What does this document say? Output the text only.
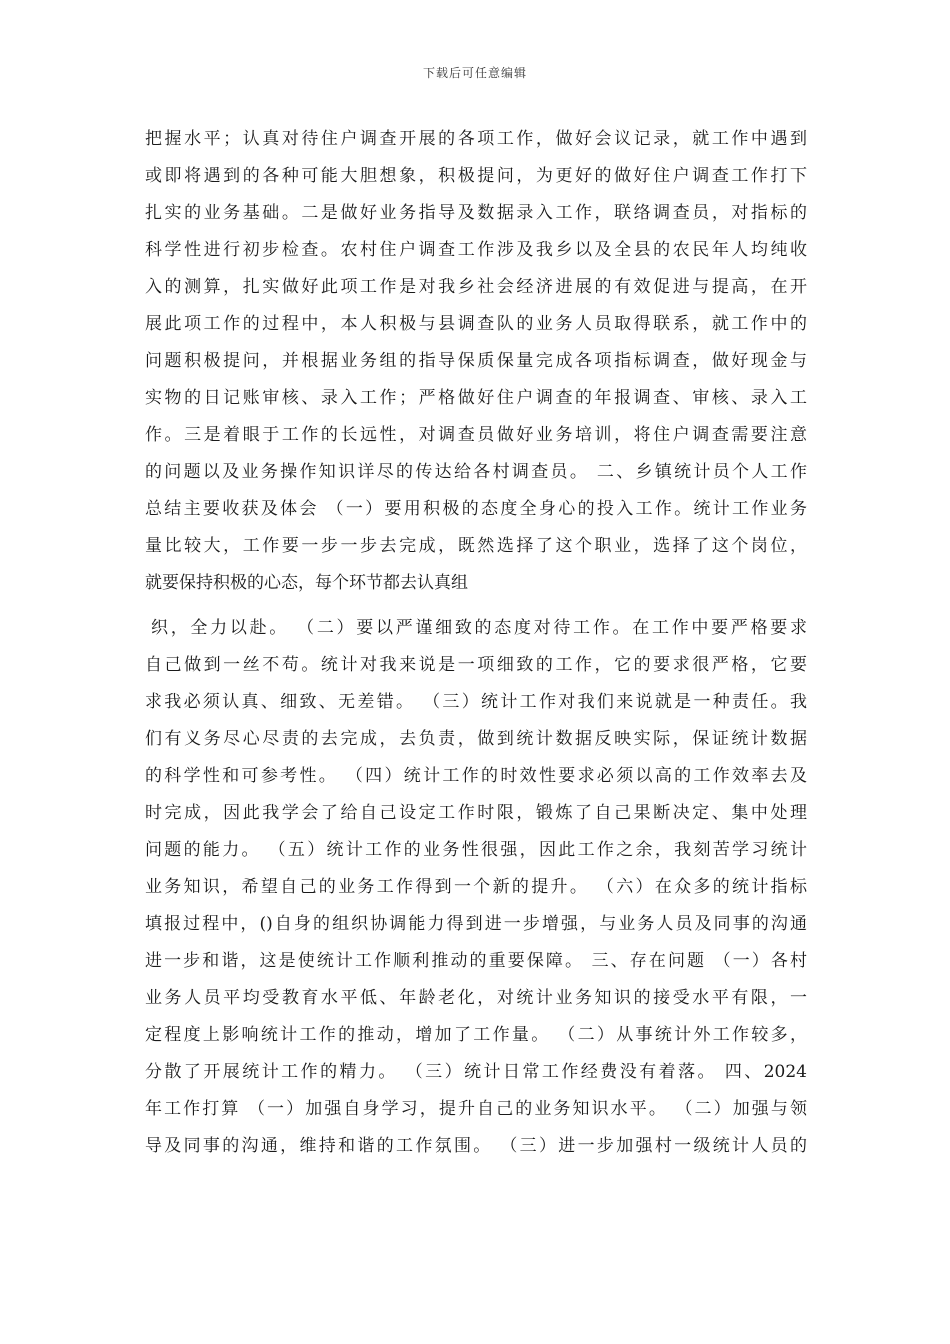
下载后可任意编辑
把握水平；认真对待住户调查开展的各项工作，做好会议记录，就工作中遇到
或即将遇到的各种可能大胆想象，积极提问，为更好的做好住户调查工作打下
扎实的业务基础。二是做好业务指导及数据录入工作，联络调查员，对指标的
科学性进行初步检查。农村住户调查工作涉及我乡以及全县的农民年人均纯收
入的测算，扎实做好此项工作是对我乡社会经济进展的有效促进与提高，在开
展此项工作的过程中，本人积极与县调查队的业务人员取得联系，就工作中的
问题积极提问，并根据业务组的指导保质保量完成各项指标调查，做好现金与
实物的日记账审核、录入工作；严格做好住户调查的年报调查、审核、录入工
作。三是着眼于工作的长远性，对调查员做好业务培训，将住户调查需要注意
的问题以及业务操作知识详尽的传达给各村调查员。 二、乡镇统计员个人工作
总结主要收获及体会 （一）要用积极的态度全身心的投入工作。统计工作业务
量比较大，工作要一步一步去完成，既然选择了这个职业，选择了这个岗位，
就要保持积极的心态，每个环节都去认真组
织，全力以赴。 （二）要以严谨细致的态度对待工作。在工作中要严格要求
自己做到一丝不苟。统计对我来说是一项细致的工作，它的要求很严格，它要
求我必须认真、细致、无差错。 （三）统计工作对我们来说就是一种责任。我
们有义务尽心尽责的去完成，去负责，做到统计数据反映实际，保证统计数据
的科学性和可参考性。 （四）统计工作的时效性要求必须以高的工作效率去及
时完成，因此我学会了给自己设定工作时限，锻炼了自己果断决定、集中处理
问题的能力。 （五）统计工作的业务性很强，因此工作之余，我刻苦学习统计
业务知识，希望自己的业务工作得到一个新的提升。 （六）在众多的统计指标
填报过程中，()自身的组织协调能力得到进一步增强，与业务人员及同事的沟通
进一步和谐，这是使统计工作顺利推动的重要保障。 三、存在问题 （一）各村
业务人员平均受教育水平低、年龄老化，对统计业务知识的接受水平有限，一
定程度上影响统计工作的推动，增加了工作量。 （二）从事统计外工作较多，
分散了开展统计工作的精力。 （三）统计日常工作经费没有着落。 四、2024
年工作打算 （一）加强自身学习，提升自己的业务知识水平。 （二）加强与领
导及同事的沟通，维持和谐的工作氛围。 （三）进一步加强村一级统计人员的
